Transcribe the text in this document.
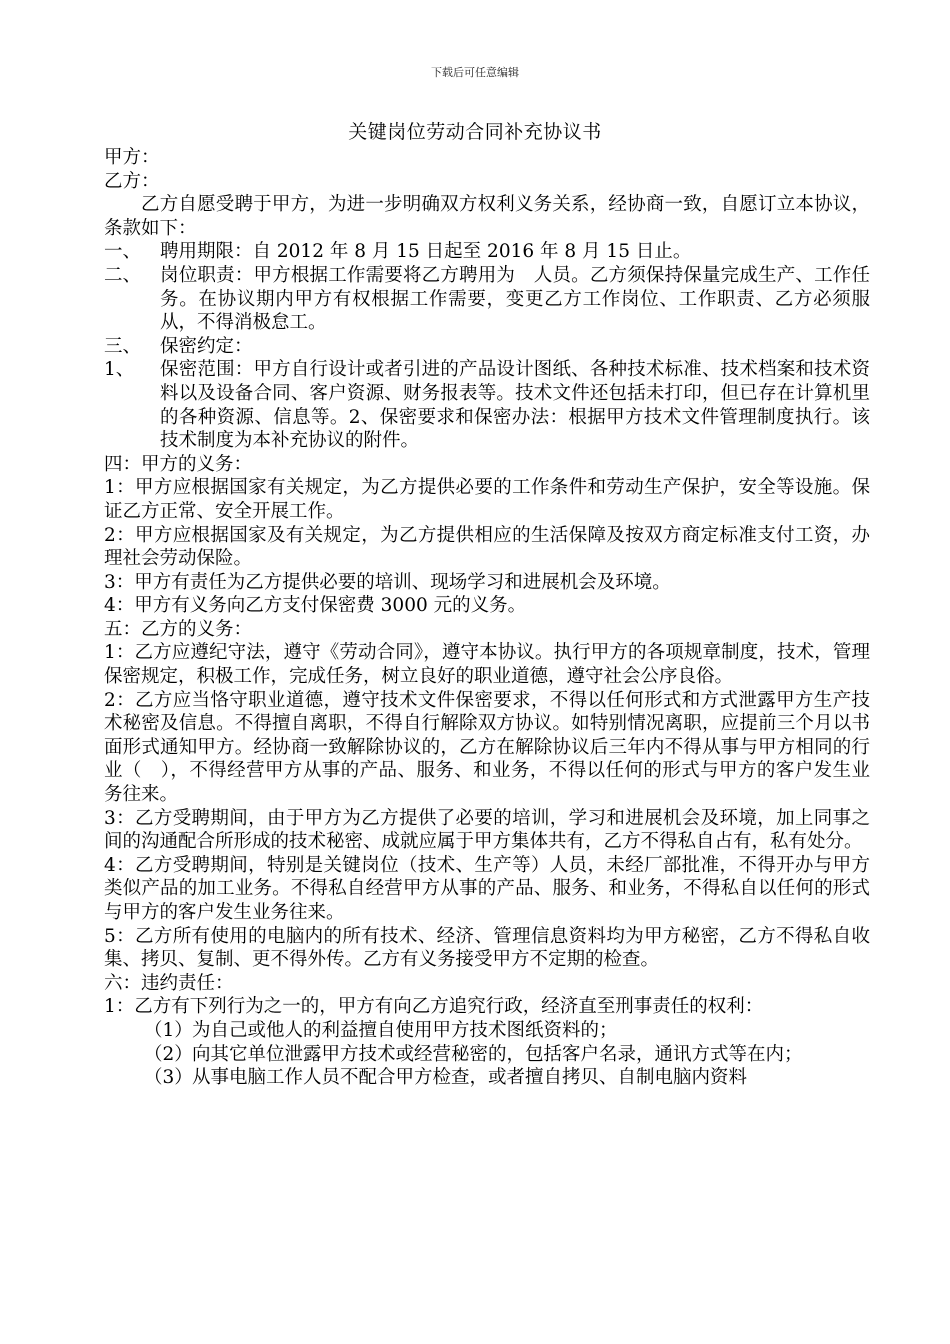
下载后可任意编辑
关键岗位劳动合同补充协议书

甲方：

乙方：

乙方自愿受聘于甲方，为进一步明确双方权利义务关系，经协商一致，自愿订立本协议，条款如下：

一、 聘用期限：自 2012 年 8 月 15 日起至 2016 年 8 月 15 日止。
二、 岗位职责：甲方根据工作需要将乙方聘用为　人员。乙方须保持保量完成生产、工作任务。在协议期内甲方有权根据工作需要，变更乙方工作岗位、工作职责、乙方必须服从，不得消极怠工。
三、 保密约定：
1、 保密范围：甲方自行设计或者引进的产品设计图纸、各种技术标准、技术档案和技术资料以及设备合同、客户资源、财务报表等。技术文件还包括未打印，但已存在计算机里的各种资源、信息等。2、保密要求和保密办法：根据甲方技术文件管理制度执行。该技术制度为本补充协议的附件。

四：甲方的义务：

1：甲方应根据国家有关规定，为乙方提供必要的工作条件和劳动生产保护，安全等设施。保证乙方正常、安全开展工作。

2：甲方应根据国家及有关规定，为乙方提供相应的生活保障及按双方商定标准支付工资，办理社会劳动保险。

3：甲方有责任为乙方提供必要的培训、现场学习和进展机会及环境。

4：甲方有义务向乙方支付保密费 3000 元的义务。

五：乙方的义务：

1：乙方应遵纪守法，遵守《劳动合同》，遵守本协议。执行甲方的各项规章制度，技术，管理保密规定，积极工作，完成任务，树立良好的职业道德，遵守社会公序良俗。

2：乙方应当恪守职业道德，遵守技术文件保密要求，不得以任何形式和方式泄露甲方生产技术秘密及信息。不得擅自离职，不得自行解除双方协议。如特别情况离职，应提前三个月以书面形式通知甲方。经协商一致解除协议的，乙方在解除协议后三年内不得从事与甲方相同的行业（　），不得经营甲方从事的产品、服务、和业务，不得以任何的形式与甲方的客户发生业务往来。

3：乙方受聘期间，由于甲方为乙方提供了必要的培训，学习和进展机会及环境，加上同事之间的沟通配合所形成的技术秘密、成就应属于甲方集体共有，乙方不得私自占有，私有处分。

4：乙方受聘期间，特别是关键岗位（技术、生产等）人员，未经厂部批准，不得开办与甲方类似产品的加工业务。不得私自经营甲方从事的产品、服务、和业务，不得私自以任何的形式与甲方的客户发生业务往来。

5：乙方所有使用的电脑内的所有技术、经济、管理信息资料均为甲方秘密，乙方不得私自收集、拷贝、复制、更不得外传。乙方有义务接受甲方不定期的检查。

六：违约责任：

1：乙方有下列行为之一的，甲方有向乙方追究行政，经济直至刑事责任的权利：

（1） 为自己或他人的利益擅自使用甲方技术图纸资料的；
（2） 向其它单位泄露甲方技术或经营秘密的，包括客户名录，通讯方式等在内；
（3） 从事电脑工作人员不配合甲方检查，或者擅自拷贝、自制电脑内资料
